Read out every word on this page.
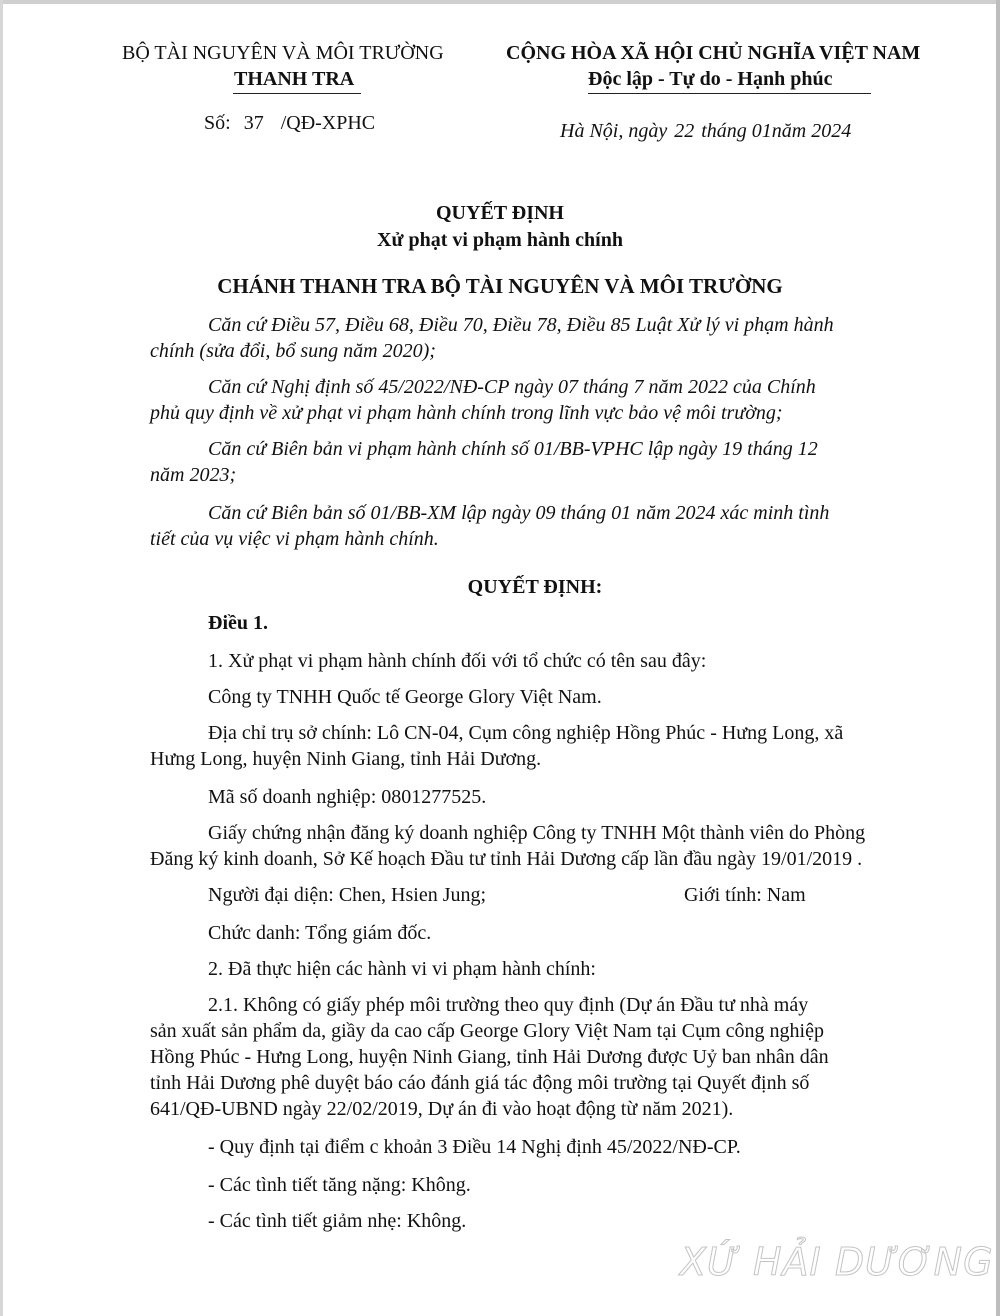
BỘ TÀI NGUYÊN VÀ MÔI TRƯỜNG
THANH TRA
Số: 37 /QĐ-XPHC
CỘNG HÒA XÃ HỘI CHỦ NGHĨA VIỆT NAM
Độc lập - Tự do - Hạnh phúc
Hà Nội, ngày 22 tháng 01năm 2024
QUYẾT ĐỊNH
Xử phạt vi phạm hành chính
CHÁNH THANH TRA BỘ TÀI NGUYÊN VÀ MÔI TRƯỜNG
Căn cứ Điều 57, Điều 68, Điều 70, Điều 78, Điều 85 Luật Xử lý vi phạm hành
chính (sửa đổi, bổ sung năm 2020);
Căn cứ Nghị định số 45/2022/NĐ-CP ngày 07 tháng 7 năm 2022 của Chính
phủ quy định về xử phạt vi phạm hành chính trong lĩnh vực bảo vệ môi trường;
Căn cứ Biên bản vi phạm hành chính số 01/BB-VPHC lập ngày 19 tháng 12
năm 2023;
Căn cứ Biên bản số 01/BB-XM lập ngày 09 tháng 01 năm 2024 xác minh tình
tiết của vụ việc vi phạm hành chính.
QUYẾT ĐỊNH:
Điều 1.
1. Xử phạt vi phạm hành chính đối với tổ chức có tên sau đây:
Công ty TNHH Quốc tế George Glory Việt Nam.
Địa chỉ trụ sở chính: Lô CN-04, Cụm công nghiệp Hồng Phúc - Hưng Long, xã
Hưng Long, huyện Ninh Giang, tỉnh Hải Dương.
Mã số doanh nghiệp: 0801277525.
Giấy chứng nhận đăng ký doanh nghiệp Công ty TNHH Một thành viên do Phòng
Đăng ký kinh doanh, Sở Kế hoạch Đầu tư tỉnh Hải Dương cấp lần đầu ngày 19/01/2019 .
Người đại diện: Chen, Hsien Jung;	Giới tính: Nam
Chức danh: Tổng giám đốc.
2. Đã thực hiện các hành vi vi phạm hành chính:
2.1. Không có giấy phép môi trường theo quy định (Dự án Đầu tư nhà máy
sản xuất sản phẩm da, giầy da cao cấp George Glory Việt Nam tại Cụm công nghiệp
Hồng Phúc - Hưng Long, huyện Ninh Giang, tỉnh Hải Dương được Uỷ ban nhân dân
tỉnh Hải Dương phê duyệt báo cáo đánh giá tác động môi trường tại Quyết định số
641/QĐ-UBND ngày 22/02/2019, Dự án đi vào hoạt động từ năm 2021).
- Quy định tại điểm c khoản 3 Điều 14 Nghị định 45/2022/NĐ-CP.
- Các tình tiết tăng nặng: Không.
- Các tình tiết giảm nhẹ: Không.
XỨ HẢI DƯƠNG
